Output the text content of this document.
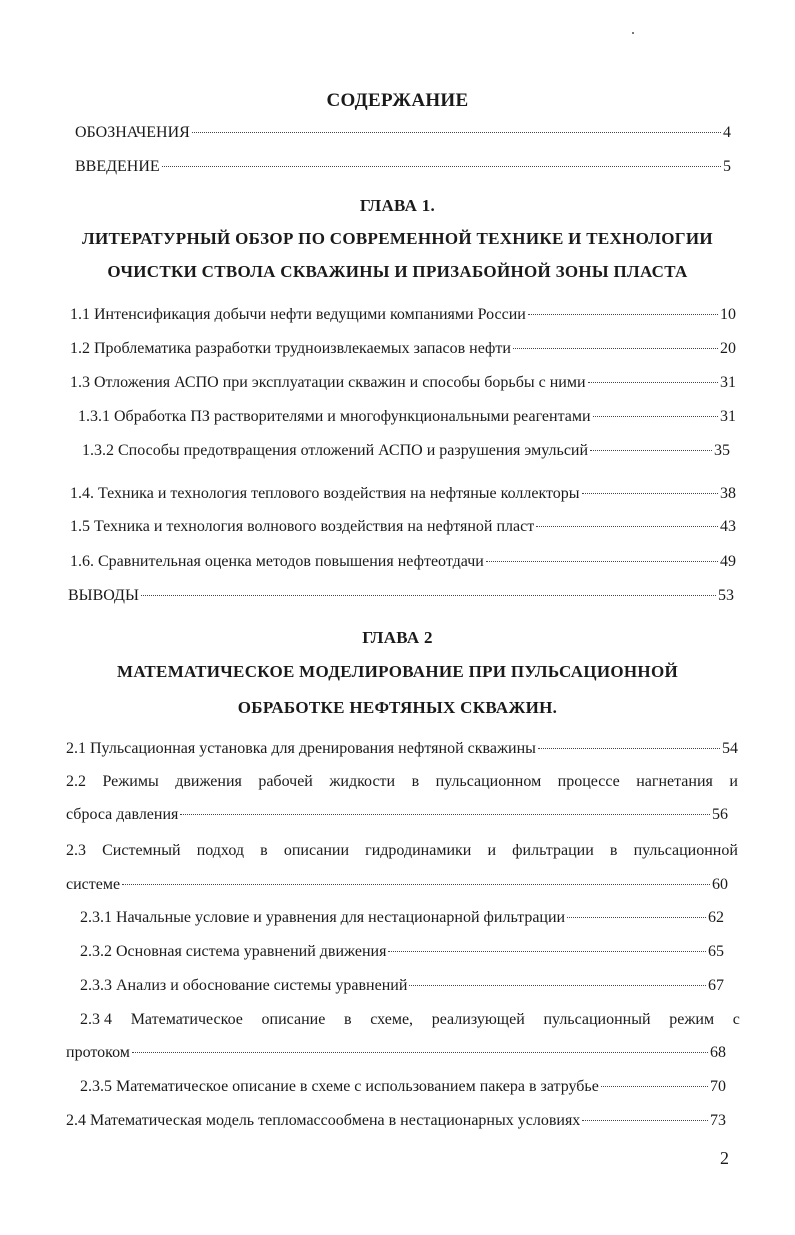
СОДЕРЖАНИЕ
ОБОЗНАЧЕНИЯ	4
ВВЕДЕНИЕ	5
ГЛАВА 1.
ЛИТЕРАТУРНЫЙ ОБЗОР ПО СОВРЕМЕННОЙ ТЕХНИКЕ И ТЕХНОЛОГИИ
ОЧИСТКИ СТВОЛА СКВАЖИНЫ И ПРИЗАБОЙНОЙ ЗОНЫ ПЛАСТА
1.1 Интенсификация добычи нефти ведущими компаниями России	10
1.2 Проблематика разработки трудноизвлекаемых запасов нефти	20
1.3 Отложения АСПО при эксплуатации скважин и способы борьбы с ними	31
1.3.1 Обработка ПЗ растворителями и многофункциональными реагентами	31
1.3.2 Способы предотвращения отложений АСПО и разрушения эмульсий	35
1.4. Техника и технология теплового воздействия на нефтяные коллекторы	38
1.5 Техника и технология волнового воздействия на нефтяной пласт	43
1.6. Сравнительная оценка методов повышения нефтеотдачи	49
ВЫВОДЫ	53
ГЛАВА 2
МАТЕМАТИЧЕСКОЕ МОДЕЛИРОВАНИЕ ПРИ ПУЛЬСАЦИОННОЙ
ОБРАБОТКЕ НЕФТЯНЫХ СКВАЖИН.
2.1 Пульсационная установка для дренирования нефтяной скважины	54
2.2 Режимы движения рабочей жидкости в пульсационном процессе нагнетания и
сброса давления	56
2.3 Системный подход в описании гидродинамики и фильтрации в пульсационной
системе	60
2.3.1 Начальные условие и уравнения для нестационарной фильтрации	62
2.3.2 Основная система уравнений движения	65
2.3.3 Анализ и обоснование системы уравнений	67
2.3 4 Математическое описание в схеме, реализующей пульсационный режим с
протоком	68
2.3.5 Математическое описание в схеме с использованием пакера в затрубье	70
2.4 Математическая модель тепломассообмена в нестационарных условиях	73
2
